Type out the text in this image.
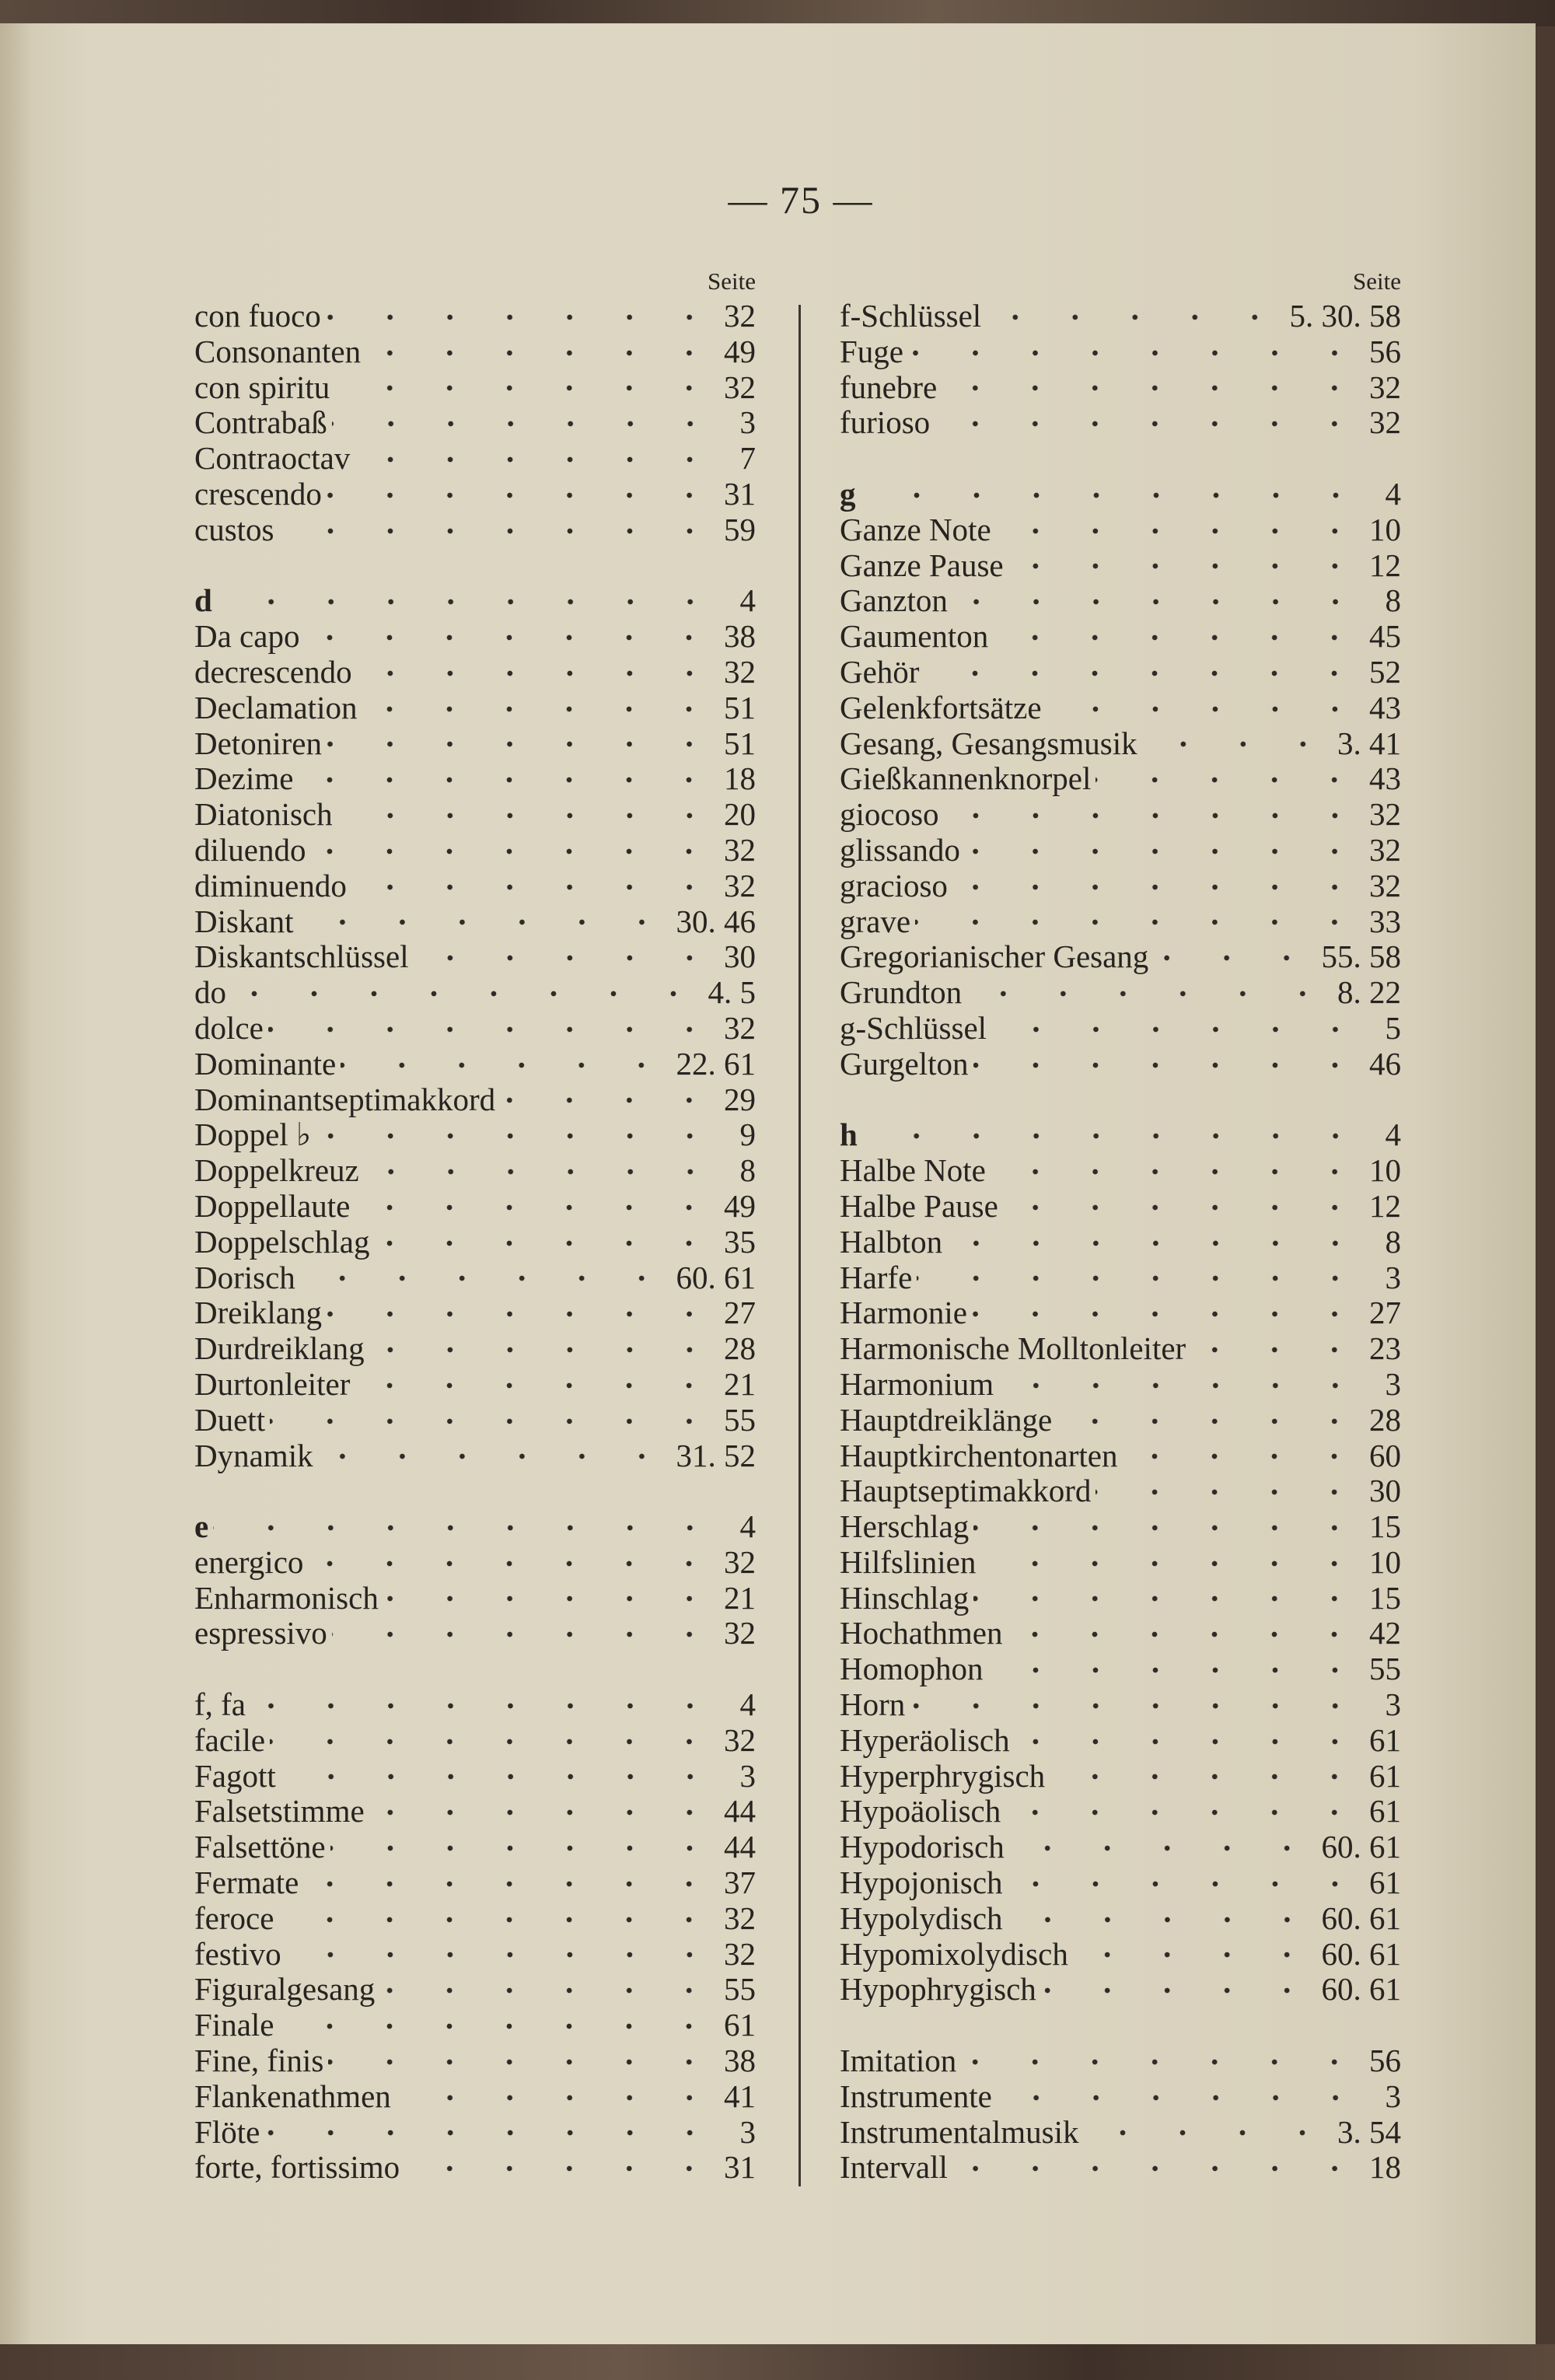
— 75 —
Seite
con fuoco	32
Consonanten	49
con spiritu	32
Contrabaß	3
Contraoctav	7
crescendo	31
custos	59
d	4
Da capo	38
decrescendo	32
Declamation	51
Detoniren	51
Dezime	18
Diatonisch	20
diluendo	32
diminuendo	32
Diskant	30. 46
Diskantschlüssel	30
do	4. 5
dolce	32
Dominante	22. 61
Dominantseptimakkord	29
Doppel ♭	9
Doppelkreuz	8
Doppellaute	49
Doppelschlag	35
Dorisch	60. 61
Dreiklang	27
Durdreiklang	28
Durtonleiter	21
Duett	55
Dynamik	31. 52
e	4
energico	32
Enharmonisch	21
espressivo	32
f, fa	4
facile	32
Fagott	3
Falsetstimme	44
Falsettöne	44
Fermate	37
feroce	32
festivo	32
Figuralgesang	55
Finale	61
Fine, finis	38
Flankenathmen	41
Flöte	3
forte, fortissimo	31
Seite
f-Schlüssel	5. 30. 58
Fuge	56
funebre	32
furioso	32
g	4
Ganze Note	10
Ganze Pause	12
Ganzton	8
Gaumenton	45
Gehör	52
Gelenkfortsätze	43
Gesang, Gesangsmusik	3. 41
Gießkannenknorpel	43
giocoso	32
glissando	32
gracioso	32
grave	33
Gregorianischer Gesang	55. 58
Grundton	8. 22
g-Schlüssel	5
Gurgelton	46
h	4
Halbe Note	10
Halbe Pause	12
Halbton	8
Harfe	3
Harmonie	27
Harmonische Molltonleiter	23
Harmonium	3
Hauptdreiklänge	28
Hauptkirchentonarten	60
Hauptseptimakkord	30
Herschlag	15
Hilfslinien	10
Hinschlag	15
Hochathmen	42
Homophon	55
Horn	3
Hyperäolisch	61
Hyperphrygisch	61
Hypoäolisch	61
Hypodorisch	60. 61
Hypojonisch	61
Hypolydisch	60. 61
Hypomixolydisch	60. 61
Hypophrygisch	60. 61
Imitation	56
Instrumente	3
Instrumentalmusik	3. 54
Intervall	18
